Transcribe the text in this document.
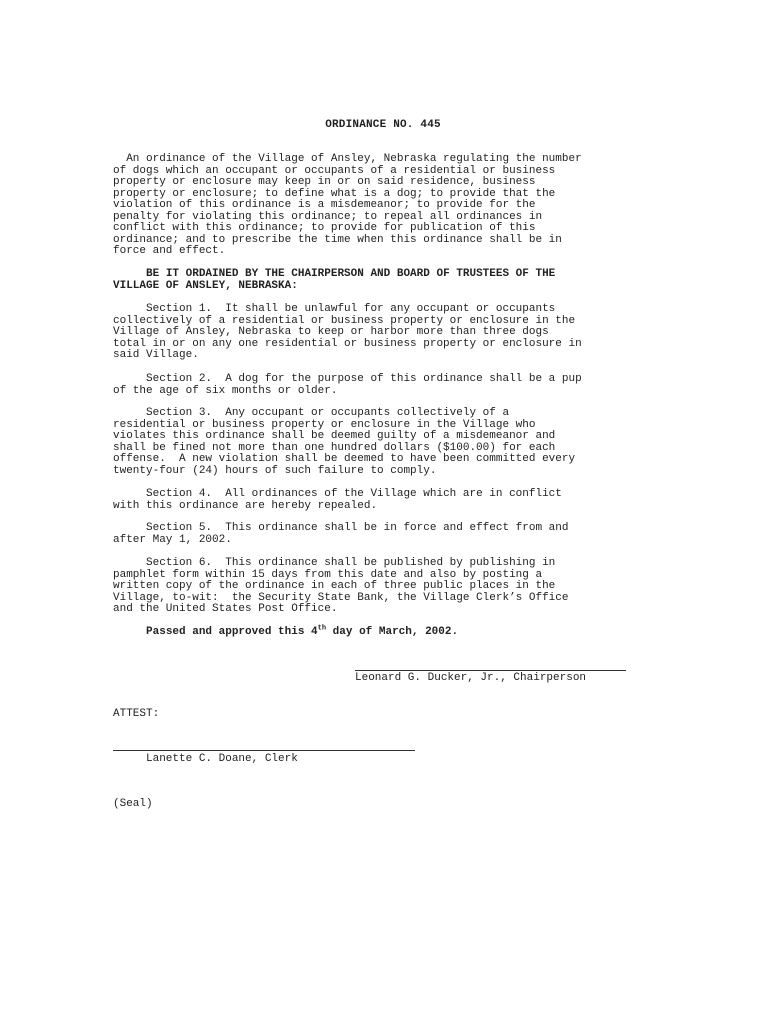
ORDINANCE NO. 445

An ordinance of the Village of Ansley, Nebraska regulating the number
of dogs which an occupant or occupants of a residential or business
property or enclosure may keep in or on said residence, business
property or enclosure; to define what is a dog; to provide that the
violation of this ordinance is a misdemeanor; to provide for the
penalty for violating this ordinance; to repeal all ordinances in
conflict with this ordinance; to provide for publication of this
ordinance; and to prescribe the time when this ordinance shall be in
force and effect.

BE IT ORDAINED BY THE CHAIRPERSON AND BOARD OF TRUSTEES OF THE
VILLAGE OF ANSLEY, NEBRASKA:

Section 1.  It shall be unlawful for any occupant or occupants
collectively of a residential or business property or enclosure in the
Village of Ansley, Nebraska to keep or harbor more than three dogs
total in or on any one residential or business property or enclosure in
said Village.

Section 2.  A dog for the purpose of this ordinance shall be a pup
of the age of six months or older.

Section 3.  Any occupant or occupants collectively of a
residential or business property or enclosure in the Village who
violates this ordinance shall be deemed guilty of a misdemeanor and
shall be fined not more than one hundred dollars ($100.00) for each
offense.  A new violation shall be deemed to have been committed every
twenty-four (24) hours of such failure to comply.

Section 4.  All ordinances of the Village which are in conflict
with this ordinance are hereby repealed.

Section 5.  This ordinance shall be in force and effect from and
after May 1, 2002.

Section 6.  This ordinance shall be published by publishing in
pamphlet form within 15 days from this date and also by posting a
written copy of the ordinance in each of three public places in the
Village, to-wit:  the Security State Bank, the Village Clerk’s Office
and the United States Post Office.

Passed and approved this 4th day of March, 2002.

Leonard G. Ducker, Jr., Chairperson
ATTEST:
Lanette C. Doane, Clerk
(Seal)
